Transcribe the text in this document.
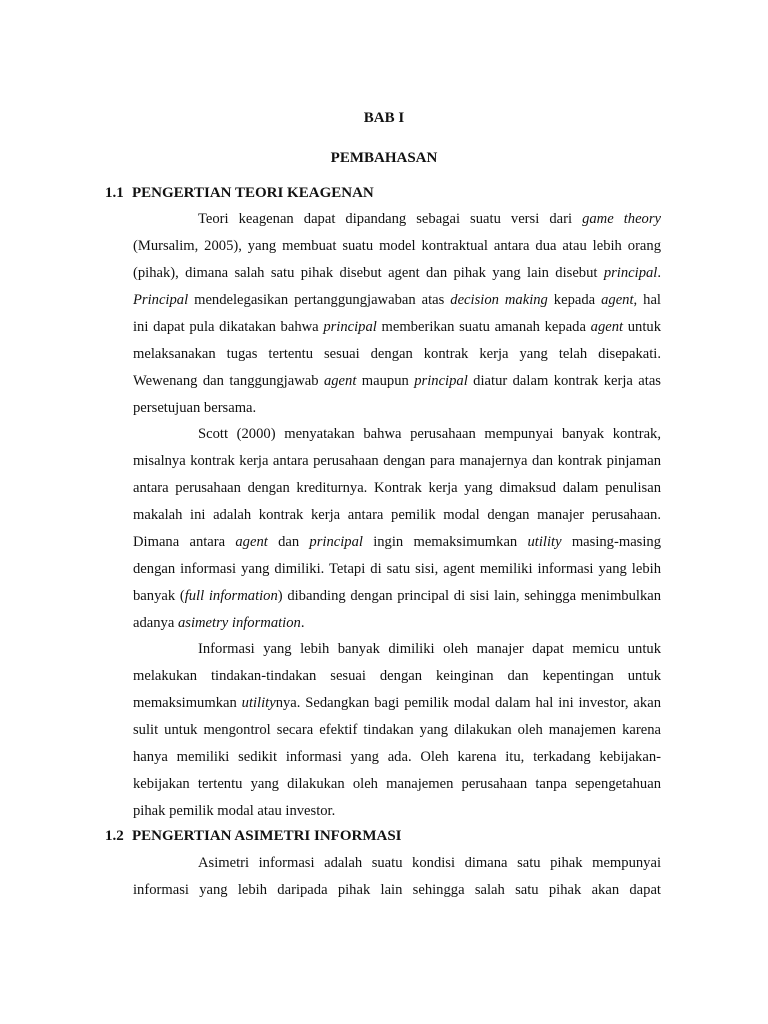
BAB I
PEMBAHASAN
1.1 PENGERTIAN TEORI KEAGENAN
Teori keagenan dapat dipandang sebagai suatu versi dari game theory
(Mursalim, 2005), yang membuat suatu model kontraktual antara dua atau lebih orang
(pihak), dimana salah satu pihak disebut agent dan pihak yang lain disebut principal.
Principal mendelegasikan pertanggungjawaban atas decision making kepada agent, hal
ini dapat pula dikatakan bahwa principal memberikan suatu amanah kepada agent untuk
melaksanakan tugas tertentu sesuai dengan kontrak kerja yang telah disepakati.
Wewenang dan tanggungjawab agent maupun principal diatur dalam kontrak kerja atas
persetujuan bersama.
Scott (2000) menyatakan bahwa perusahaan mempunyai banyak kontrak,
misalnya kontrak kerja antara perusahaan dengan para manajernya dan kontrak pinjaman
antara perusahaan dengan krediturnya. Kontrak kerja yang dimaksud dalam penulisan
makalah ini adalah kontrak kerja antara pemilik modal dengan manajer perusahaan.
Dimana antara agent dan principal ingin memaksimumkan utility masing-masing
dengan informasi yang dimiliki. Tetapi di satu sisi, agent memiliki informasi yang lebih
banyak (full information) dibanding dengan principal di sisi lain, sehingga menimbulkan
adanya asimetry information.
Informasi yang lebih banyak dimiliki oleh manajer dapat memicu untuk
melakukan tindakan-tindakan sesuai dengan keinginan dan kepentingan untuk
memaksimumkan utilitynya. Sedangkan bagi pemilik modal dalam hal ini investor, akan
sulit untuk mengontrol secara efektif tindakan yang dilakukan oleh manajemen karena
hanya memiliki sedikit informasi yang ada. Oleh karena itu, terkadang kebijakan-
kebijakan tertentu yang dilakukan oleh manajemen perusahaan tanpa sepengetahuan
pihak pemilik modal atau investor.
1.2 PENGERTIAN ASIMETRI INFORMASI
Asimetri informasi adalah suatu kondisi dimana satu pihak mempunyai
informasi yang lebih daripada pihak lain sehingga salah satu pihak akan dapat
